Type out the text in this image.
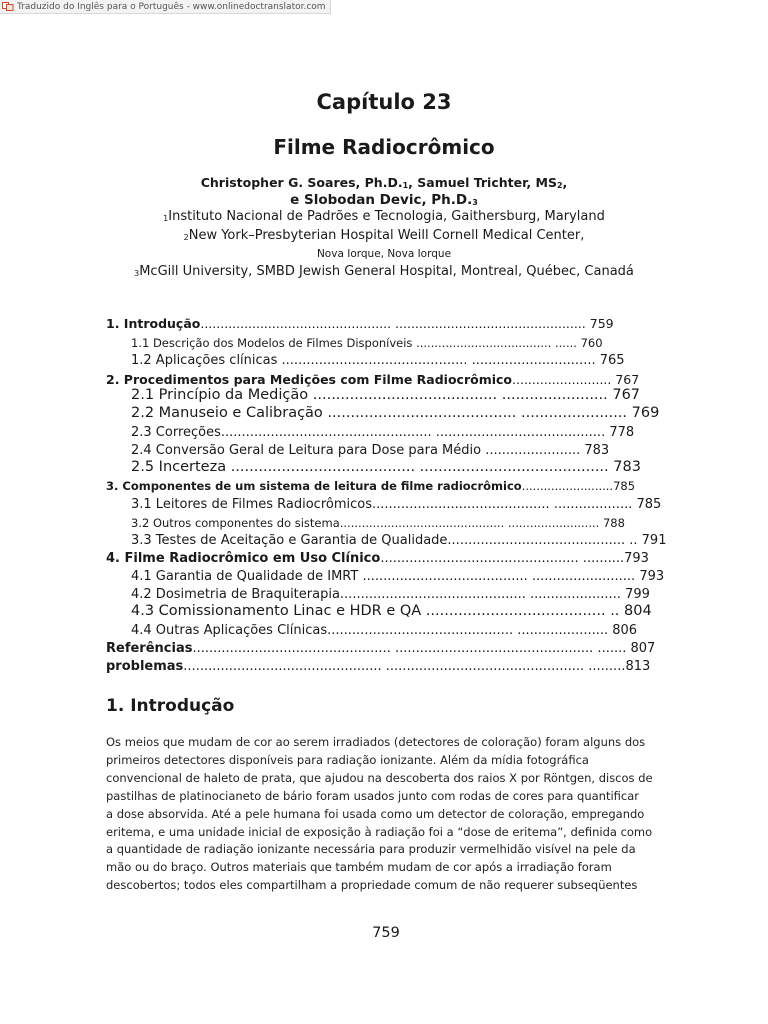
Traduzido do Inglês para o Português - www.onlinedoctranslator.com
Capítulo 23
Filme Radiocrômico
Christopher G. Soares, $Ph.D._1$, Samuel Trichter, $MS_2$,
e Slobodan Devic, $Ph.D._3$
$_1$Instituto Nacional de Padrões e Tecnologia, Gaithersburg, Maryland
$_2$New York–Presbyterian Hospital Weill Cornell Medical Center,
Nova Iorque, Nova Iorque
$_3$McGill University, SMBD Jewish General Hospital, Montreal, Québec, Canadá
1. Introdução................................................ ................................................ 759
1.1 Descrição dos Modelos de Filmes Disponíveis ..................................... ...... 760
1.2 Aplicações clínicas ............................................. .............................. 765
2. Procedimentos para Medições com Filme Radiocrômico......................... 767
2.1 Princípio da Medição ........................................ ....................... 767
2.2 Manuseio e Calibração ......................................... ....................... 769
2.3 Correções................................................... ......................................... 778
2.4 Conversão Geral de Leitura para Dose para Médio ....................... 783
2.5 Incerteza ........................................ ......................................... 783
3. Componentes de um sistema de leitura de filme radiocrômico.........................785
3.1 Leitores de Filmes Radiocrômicos........................................... ................... 785
3.2 Outros componentes do sistema............................................. ......................... 788
3.3 Testes de Aceitação e Garantia de Qualidade........................................... .. 791
4. Filme Radiocrômico em Uso Clínico................................................ ..........793
4.1 Garantia de Qualidade de IMRT ........................................ ......................... 793
4.2 Dosimetria de Braquiterapia............................................. ...................... 799
4.3 Comissionamento Linac e HDR e QA ....................................... .. 804
4.4 Outras Aplicações Clínicas............................................. ...................... 806
Referências................................................ ................................................ ....... 807
problemas................................................ ................................................ .........813
1. Introdução
Os meios que mudam de cor ao serem irradiados (detectores de coloração) foram alguns dos
primeiros detectores disponíveis para radiação ionizante. Além da mídia fotográfica
convencional de haleto de prata, que ajudou na descoberta dos raios X por Röntgen, discos de
pastilhas de platinocianeto de bário foram usados junto com rodas de cores para quantificar
a dose absorvida. Até a pele humana foi usada como um detector de coloração, empregando
eritema, e uma unidade inicial de exposição à radiação foi a “dose de eritema”, definida como
a quantidade de radiação ionizante necessária para produzir vermelhidão visível na pele da
mão ou do braço. Outros materiais que também mudam de cor após a irradiação foram
descobertos; todos eles compartilham a propriedade comum de não requerer subseqüentes
759
